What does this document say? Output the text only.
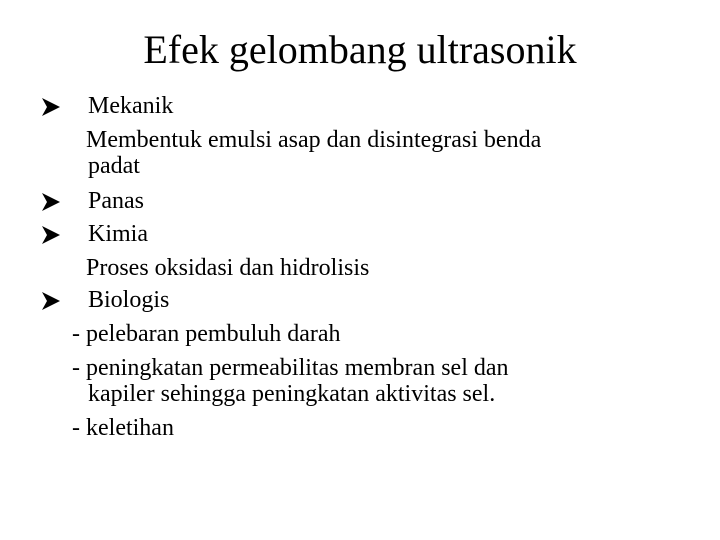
Efek gelombang ultrasonik
Mekanik
Membentuk emulsi asap dan disintegrasi benda
padat
Panas
Kimia
Proses oksidasi dan hidrolisis
Biologis
- pelebaran pembuluh darah
- peningkatan permeabilitas membran sel dan
kapiler sehingga peningkatan aktivitas sel.
- keletihan
